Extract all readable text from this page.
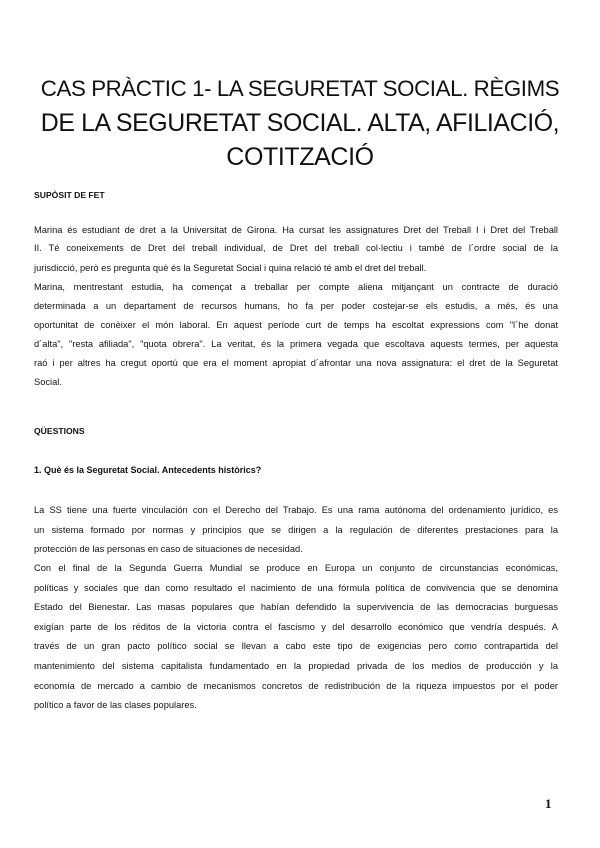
CAS PRÀCTIC 1- LA SEGURETAT SOCIAL. RÈGIMS
DE LA SEGURETAT SOCIAL. ALTA, AFILIACIÓ,
COTITZACIÓ
SUPÒSIT DE FET
Marina és estudiant de dret a la Universitat de Girona. Ha cursat les assignatures Dret del Treball I i Dret del Treball
II. Té coneixements de Dret del treball individual, de Dret del treball col·lectiu i també de l´ordre social de la
jurisdicció, però es pregunta què és la Seguretat Social i quina relació té amb el dret del treball.
Marina, mentrestant estudia, ha començat a treballar per compte aliena mitjançant un contracte de duració
determinada a un departament de recursos humans, ho fa per poder costejar-se els estudis, a més, és una
oportunitat de conèixer el món laboral. En aquest període curt de temps ha escoltat expressions com "l´he donat
d´alta", "resta afiliada", "quota obrera". La veritat, és la primera vegada que escoltava aquests termes, per aquesta
raó i per altres ha cregut oportú que era el moment apropiat d´afrontar una nova assignatura: el dret de la Seguretat
Social.
QÜESTIONS
1. Què és la Seguretat Social. Antecedents històrics?
La SS tiene una fuerte vinculación con el Derecho del Trabajo. Es una rama autónoma del ordenamiento jurídico, es
un sistema formado por normas y principios que se dirigen a la regulación de diferentes prestaciones para la
protección de las personas en caso de situaciones de necesidad.
Con el final de la Segunda Guerra Mundial se produce en Europa un conjunto de circunstancias económicas,
políticas y sociales que dan como resultado el nacimiento de una fórmula política de convivencia que se denomina
Estado del Bienestar. Las masas populares que habían defendido la supervivencia de las democracias burguesas
exigían parte de los réditos de la victoria contra el fascismo y del desarrollo económico que vendría después. A
través de un gran pacto político social se llevan a cabo este tipo de exigencias pero como contrapartida del
mantenimiento del sistema capitalista fundamentado en la propiedad privada de los medios de producción y la
economía de mercado a cambio de mecanismos concretos de redistribución de la riqueza impuestos por el poder
político a favor de las clases populares.
1
